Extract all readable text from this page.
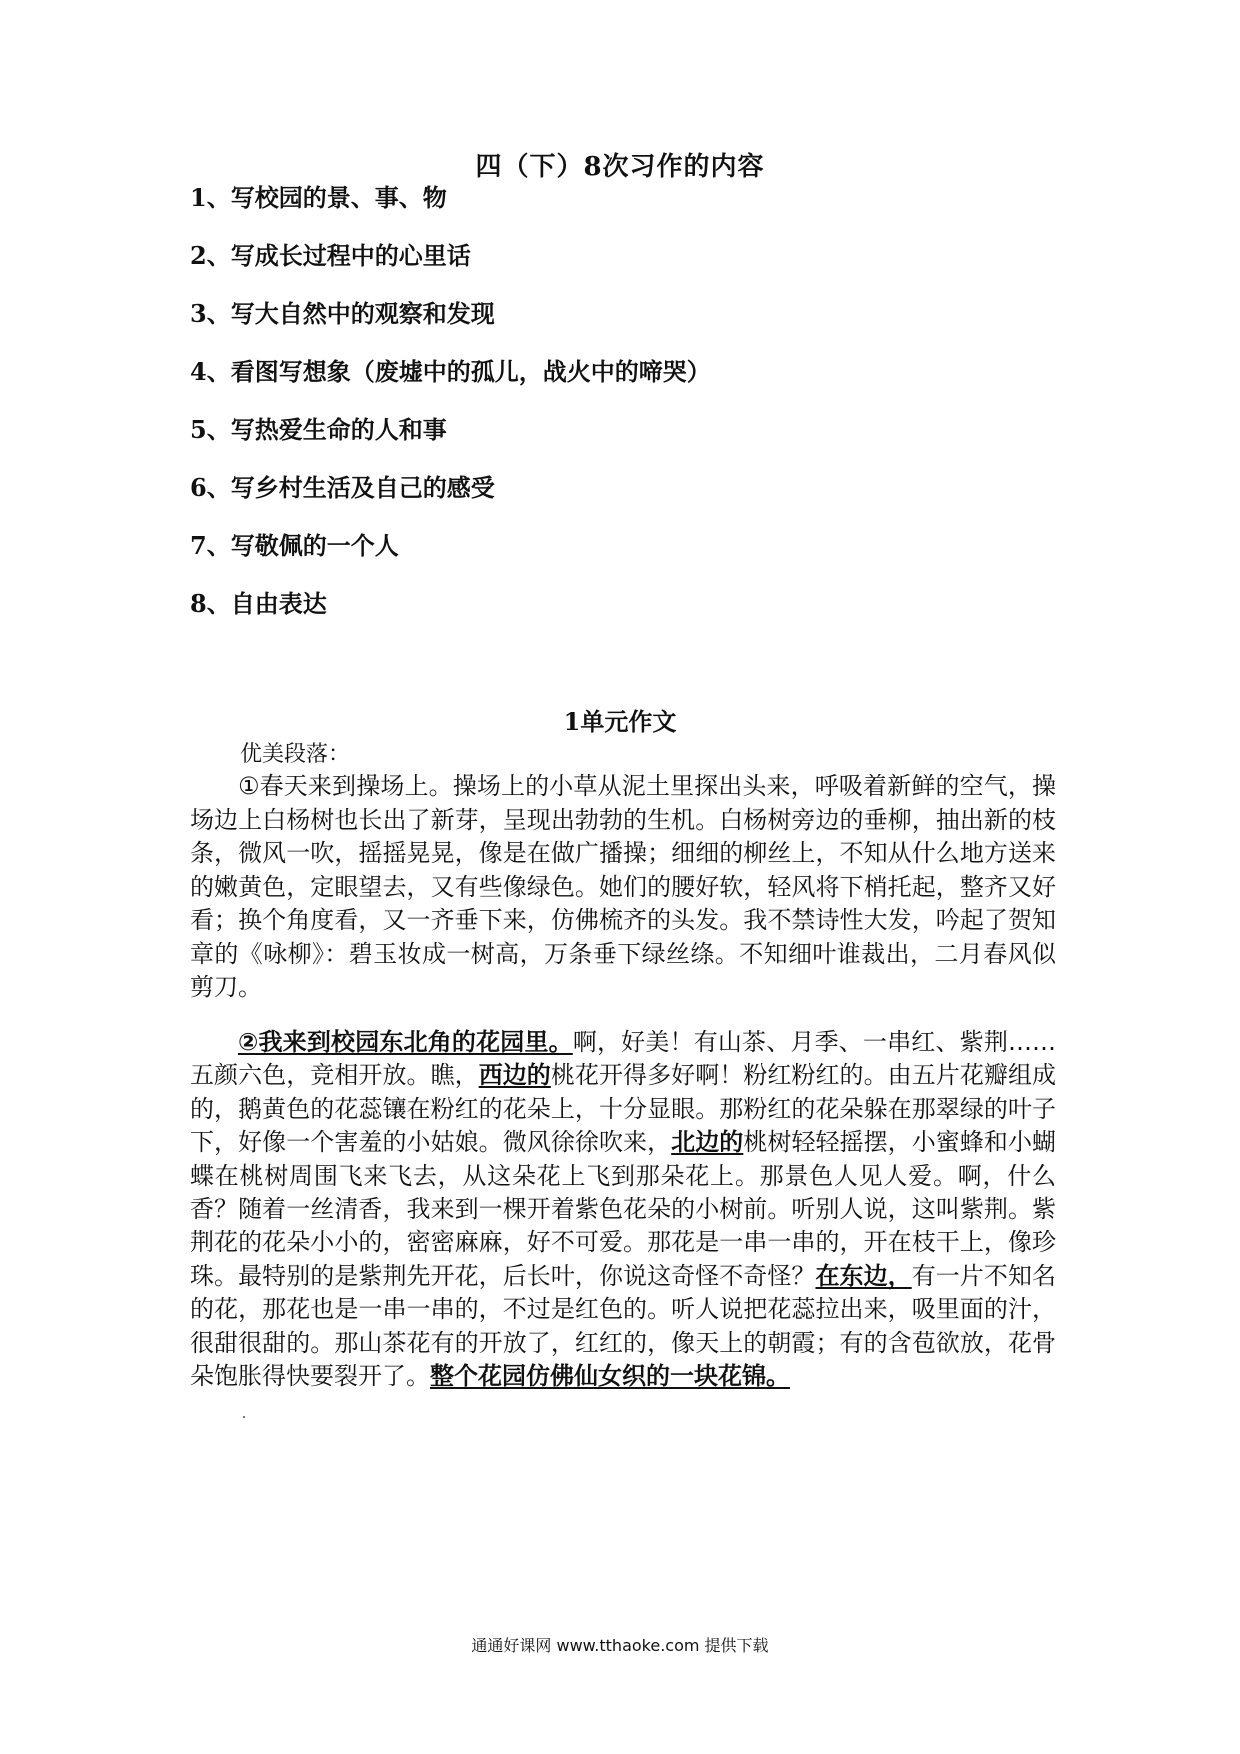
四（下）8次习作的内容
1、写校园的景、事、物
2、写成长过程中的心里话
3、写大自然中的观察和发现
4、看图写想象（废墟中的孤儿，战火中的啼哭）
5、写热爱生命的人和事
6、写乡村生活及自己的感受
7、写敬佩的一个人
8、自由表达
1单元作文
优美段落：
①春天来到操场上。操场上的小草从泥土里探出头来，呼吸着新鲜的空气，操场边上白杨树也长出了新芽，呈现出勃勃的生机。白杨树旁边的垂柳，抽出新的枝条，微风一吹，摇摇晃晃，像是在做广播操；细细的柳丝上，不知从什么地方送来的嫩黄色，定眼望去，又有些像绿色。她们的腰好软，轻风将下梢托起，整齐又好看；换个角度看，又一齐垂下来，仿佛梳齐的头发。我不禁诗性大发，吟起了贺知章的《咏柳》：碧玉妆成一树高，万条垂下绿丝绦。不知细叶谁裁出，二月春风似剪刀。
②我来到校园东北角的花园里。啊，好美！有山茶、月季、一串红、紫荆……五颜六色，竞相开放。瞧，西边的桃花开得多好啊！粉红粉红的。由五片花瓣组成的，鹅黄色的花蕊镶在粉红的花朵上，十分显眼。那粉红的花朵躲在那翠绿的叶子下，好像一个害羞的小姑娘。微风徐徐吹来，北边的桃树轻轻摇摆，小蜜蜂和小蝴蝶在桃树周围飞来飞去，从这朵花上飞到那朵花上。那景色人见人爱。啊，什么香？随着一丝清香，我来到一棵开着紫色花朵的小树前。听别人说，这叫紫荆。紫荆花的花朵小小的，密密麻麻，好不可爱。那花是一串一串的，开在枝干上，像珍珠。最特别的是紫荆先开花，后长叶，你说这奇怪不奇怪？在东边，有一片不知名的花，那花也是一串一串的，不过是红色的。听人说把花蕊拉出来，吸里面的汁，很甜很甜的。那山茶花有的开放了，红红的，像天上的朝霞；有的含苞欲放，花骨朵饱胀得快要裂开了。整个花园仿佛仙女织的一块花锦。
通通好课网 www.tthaoke.com 提供下载
